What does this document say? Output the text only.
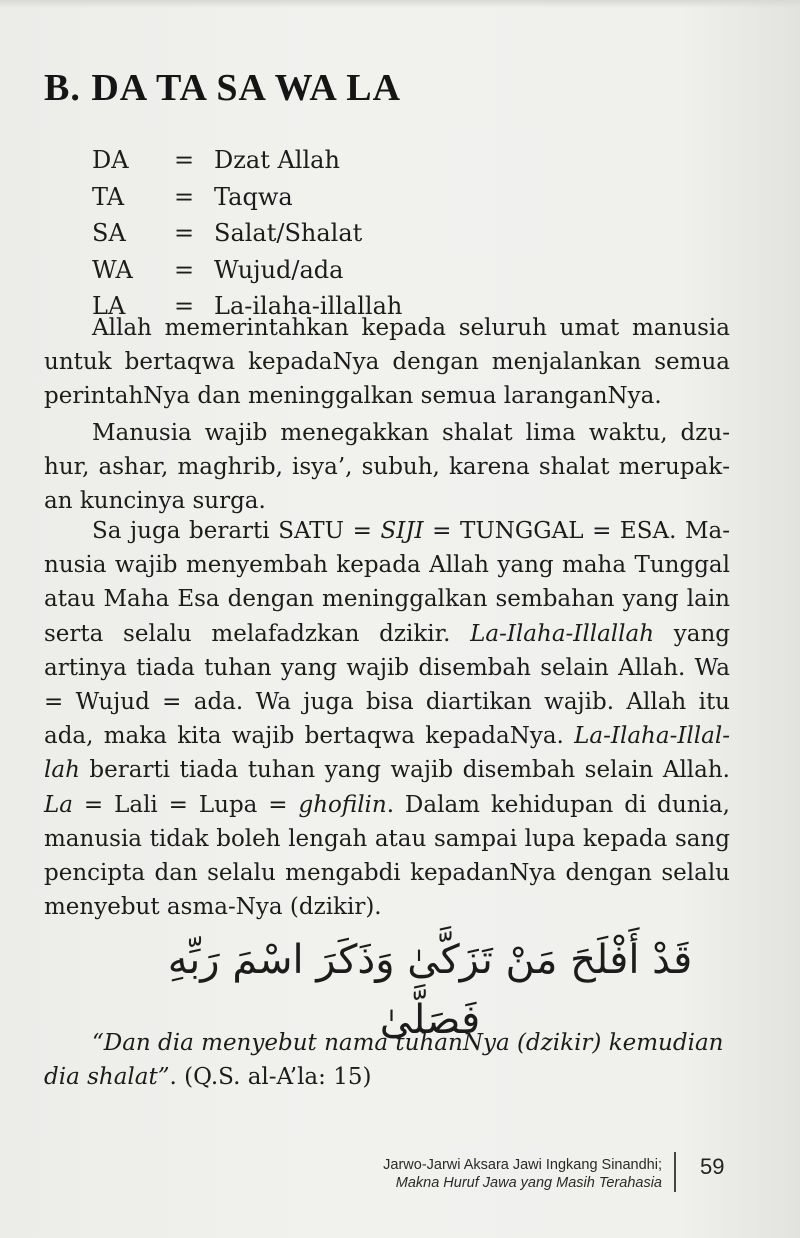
B. DA TA SA WA LA
DA	= Dzat Allah
TA	= Taqwa
SA	= Salat/Shalat
WA	= Wujud/ada
LA	= La-ilaha-illallah

Allah memerintahkan kepada seluruh umat manusia untuk bertaqwa kepadaNya dengan menjalankan semua perintahNya dan meninggalkan semua laranganNya.

Manusia wajib menegakkan shalat lima waktu, dzuhur, ashar, maghrib, isya’, subuh, karena shalat merupakan kuncinya surga.

Sa juga berarti SATU = SIJI = TUNGGAL = ESA. Manusia wajib menyembah kepada Allah yang maha Tunggal atau Maha Esa dengan meninggalkan sembahan yang lain serta selalu melafadzkan dzikir. La-Ilaha-Illallah yang artinya tiada tuhan yang wajib disembah selain Allah. Wa = Wujud = ada. Wa juga bisa diartikan wajib. Allah itu ada, maka kita wajib bertaqwa kepadaNya. La-Ilaha-Illallah berarti tiada tuhan yang wajib disembah selain Allah. La = Lali = Lupa = ghofilin. Dalam kehidupan di dunia, manusia tidak boleh lengah atau sampai lupa kepada sang pencipta dan selalu mengabdi kepadanNya dengan selalu menyebut asma-Nya (dzikir).

قَدْ أَفْلَحَ مَنْ تَزَكَّىٰ وَذَكَرَ اسْمَ رَبِّهِ فَصَلَّىٰ

“Dan dia menyebut nama tuhanNya (dzikir) kemudian dia shalat”. (Q.S. al-A’la: 15)

Jarwo-Jarwi Aksara Jawi Ingkang Sinandhi;
Makna Huruf Jawa yang Masih Terahasia
59
